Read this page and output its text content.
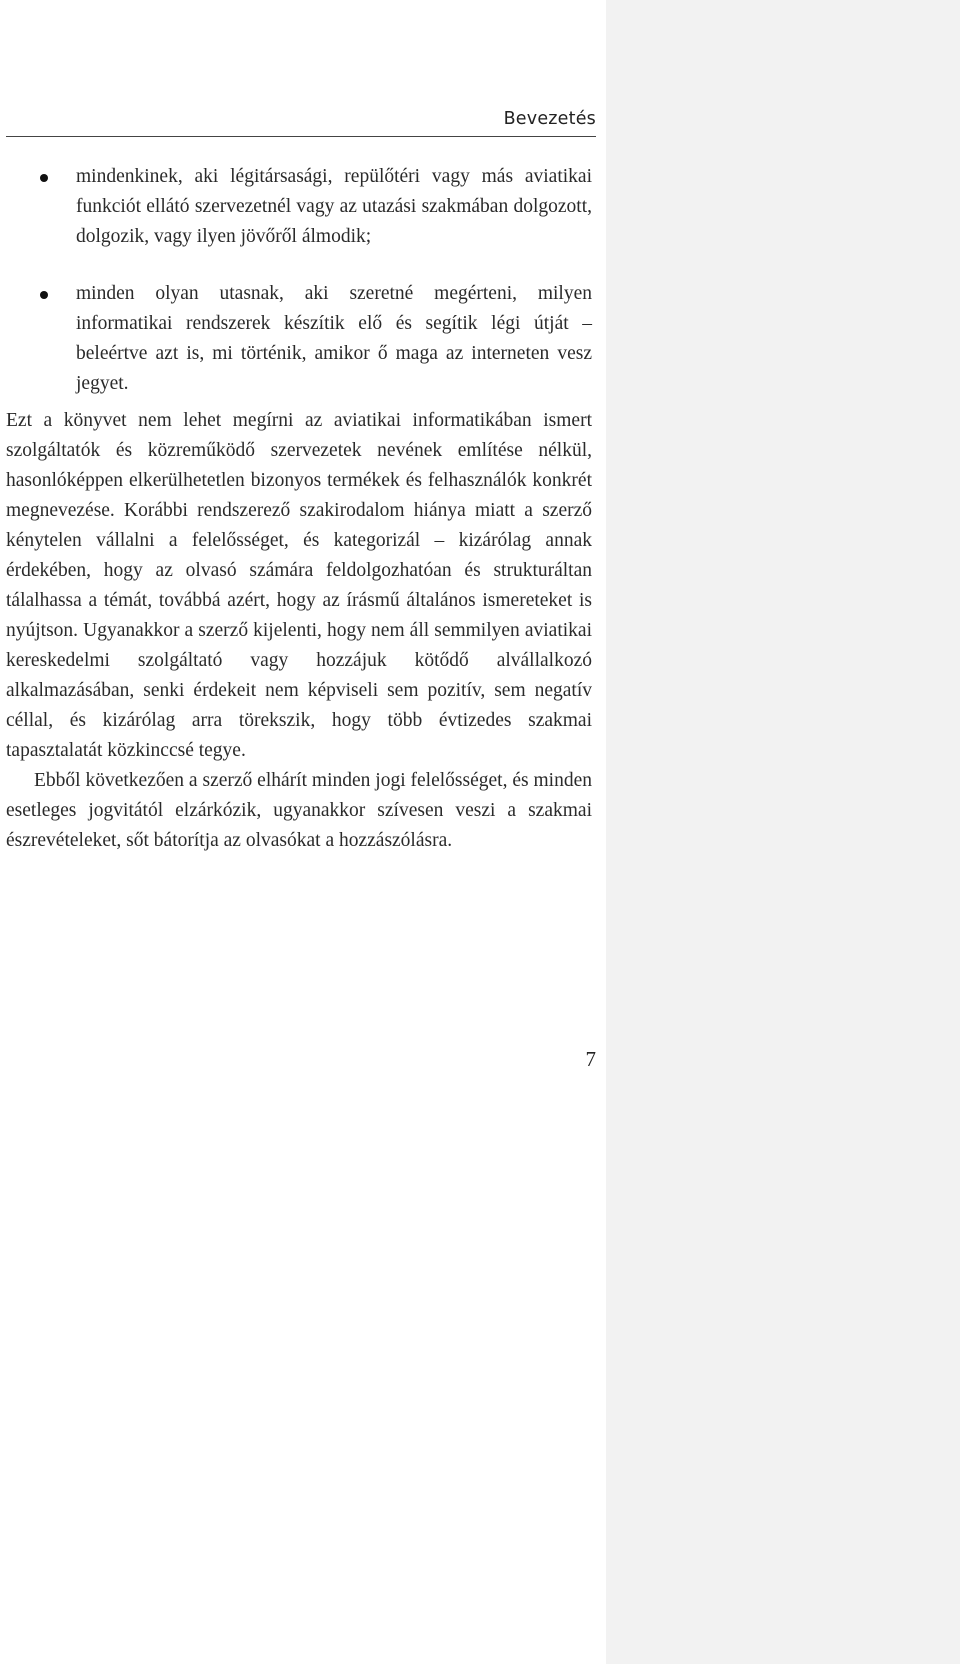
Bevezetés
mindenkinek, aki légitársasági, repülőtéri vagy más aviatikai funkciót ellátó szervezetnél vagy az utazási szakmában dolgozott, dolgozik, vagy ilyen jövőről álmodik;
minden olyan utasnak, aki szeretné megérteni, milyen informatikai rendszerek készítik elő és segítik légi útját – beleértve azt is, mi történik, amikor ő maga az interneten vesz jegyet.

Ezt a könyvet nem lehet megírni az aviatikai informatikában ismert szolgáltatók és közreműködő szervezetek nevének említése nélkül, hasonlóképpen elkerülhetetlen bizonyos termékek és felhasználók konkrét megnevezése. Korábbi rendszerező szakirodalom hiánya miatt a szerző kénytelen vállalni a felelősséget, és kategorizál – kizárólag annak érdekében, hogy az olvasó számára feldolgozhatóan és strukturáltan tálalhassa a témát, továbbá azért, hogy az írásmű általános ismereteket is nyújtson. Ugyanakkor a szerző kijelenti, hogy nem áll semmilyen aviatikai kereskedelmi szolgáltató vagy hozzájuk kötődő alvállalkozó alkalmazásában, senki érdekeit nem képviseli sem pozitív, sem negatív céllal, és kizárólag arra törekszik, hogy több évtizedes szakmai tapasztalatát közkinccsé tegye.

Ebből következően a szerző elhárít minden jogi felelősséget, és minden esetleges jogvitától elzárkózik, ugyanakkor szívesen veszi a szakmai észrevételeket, sőt bátorítja az olvasókat a hozzászólásra.

7
